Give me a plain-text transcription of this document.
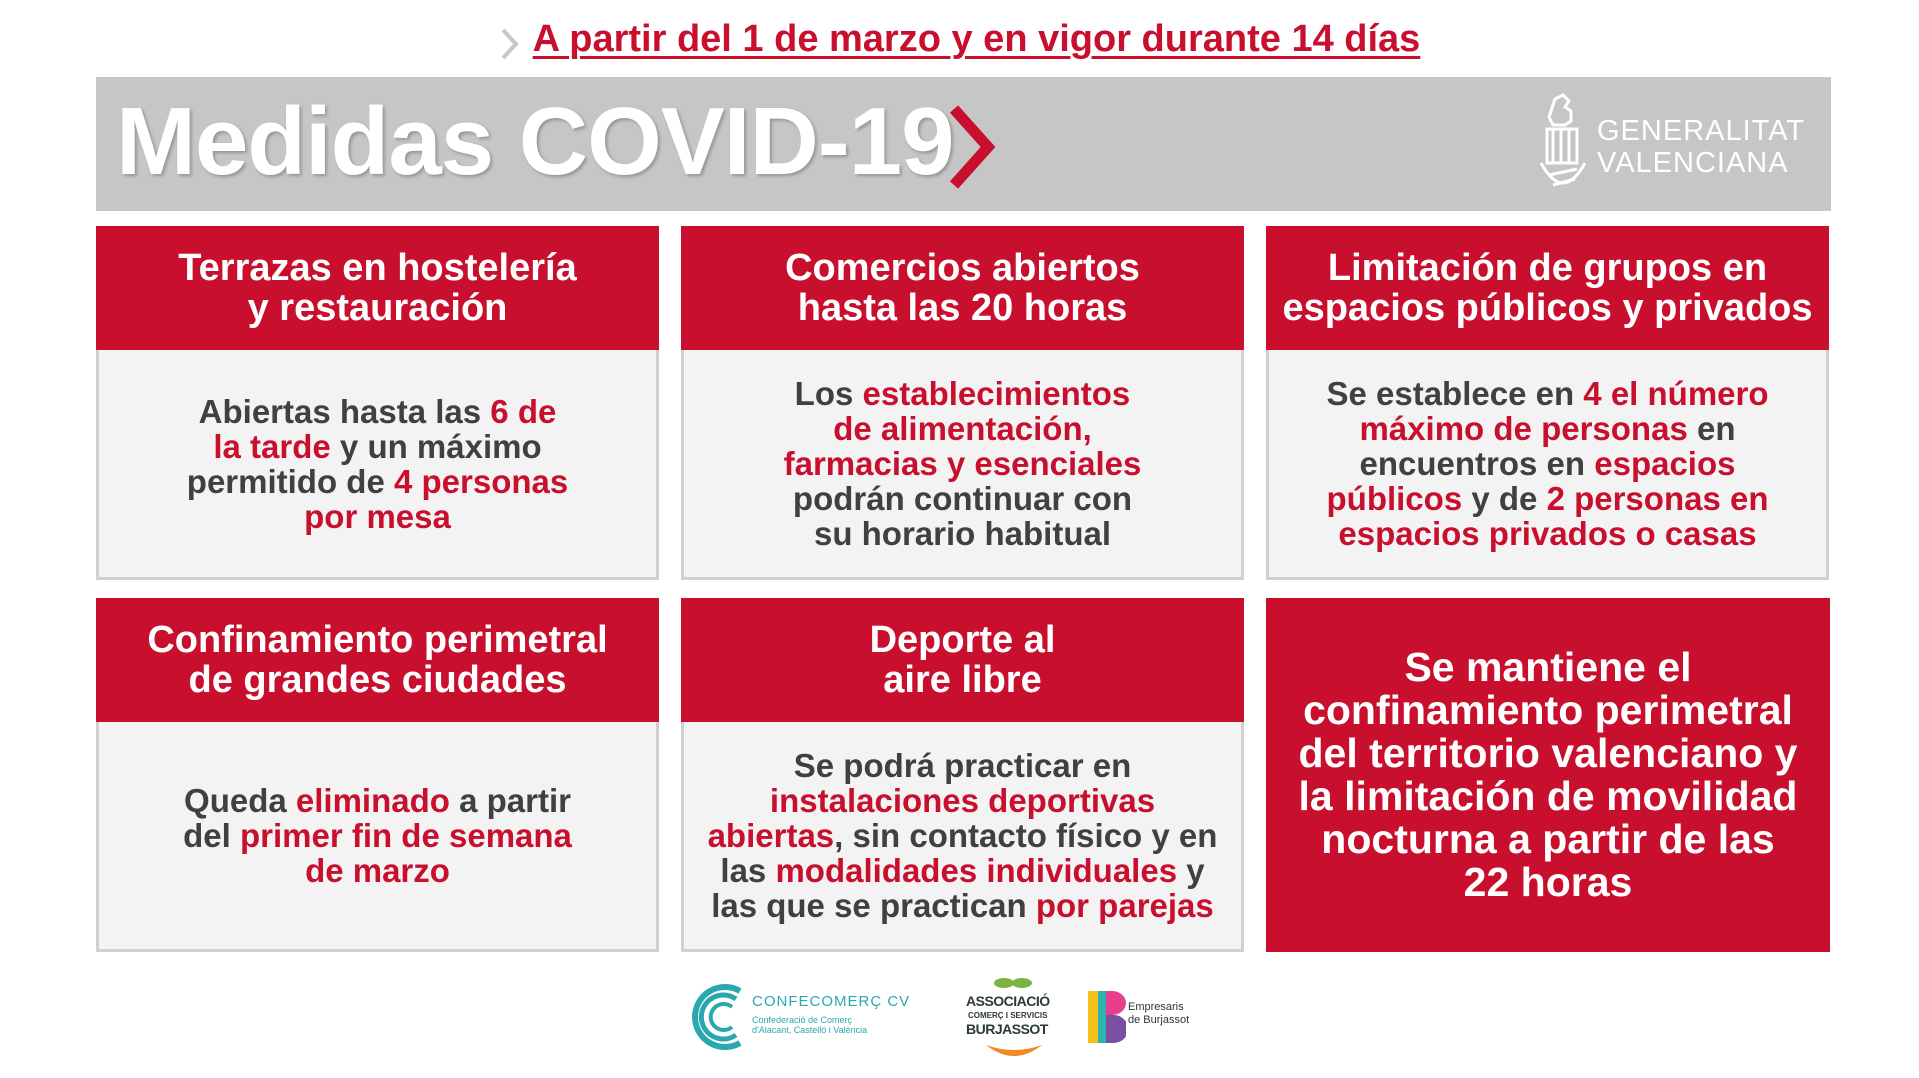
A partir del 1 de marzo y en vigor durante 14 días
Medidas COVID-19	GENERALITAT
VALENCIANA
Terrazas en hostelería
y restauración
Abiertas hasta las 6 de
la tarde y un máximo
permitido de 4 personas
por mesa
Comercios abiertos
hasta las 20 horas
Los establecimientos
de alimentación,
farmacias y esenciales
podrán continuar con
su horario habitual
Limitación de grupos en
espacios públicos y privados
Se establece en 4 el número
máximo de personas en
encuentros en espacios
públicos y de 2 personas en
espacios privados o casas
Confinamiento perimetral
de grandes ciudades
Queda eliminado a partir
del primer fin de semana
de marzo
Deporte al
aire libre
Se podrá practicar en
instalaciones deportivas
abiertas, sin contacto físico y en
las modalidades individuales y
las que se practican por parejas
Se mantiene el
confinamiento perimetral
del territorio valenciano y
la limitación de movilidad
nocturna a partir de las
22 horas
CONFECOMERÇ CV
Confederació de Comerç
d'Alacant, Castelló i València
ASSOCIACIÓ
COMERÇ I SERVICIS
BURJASSOT
Empresaris
de Burjassot
